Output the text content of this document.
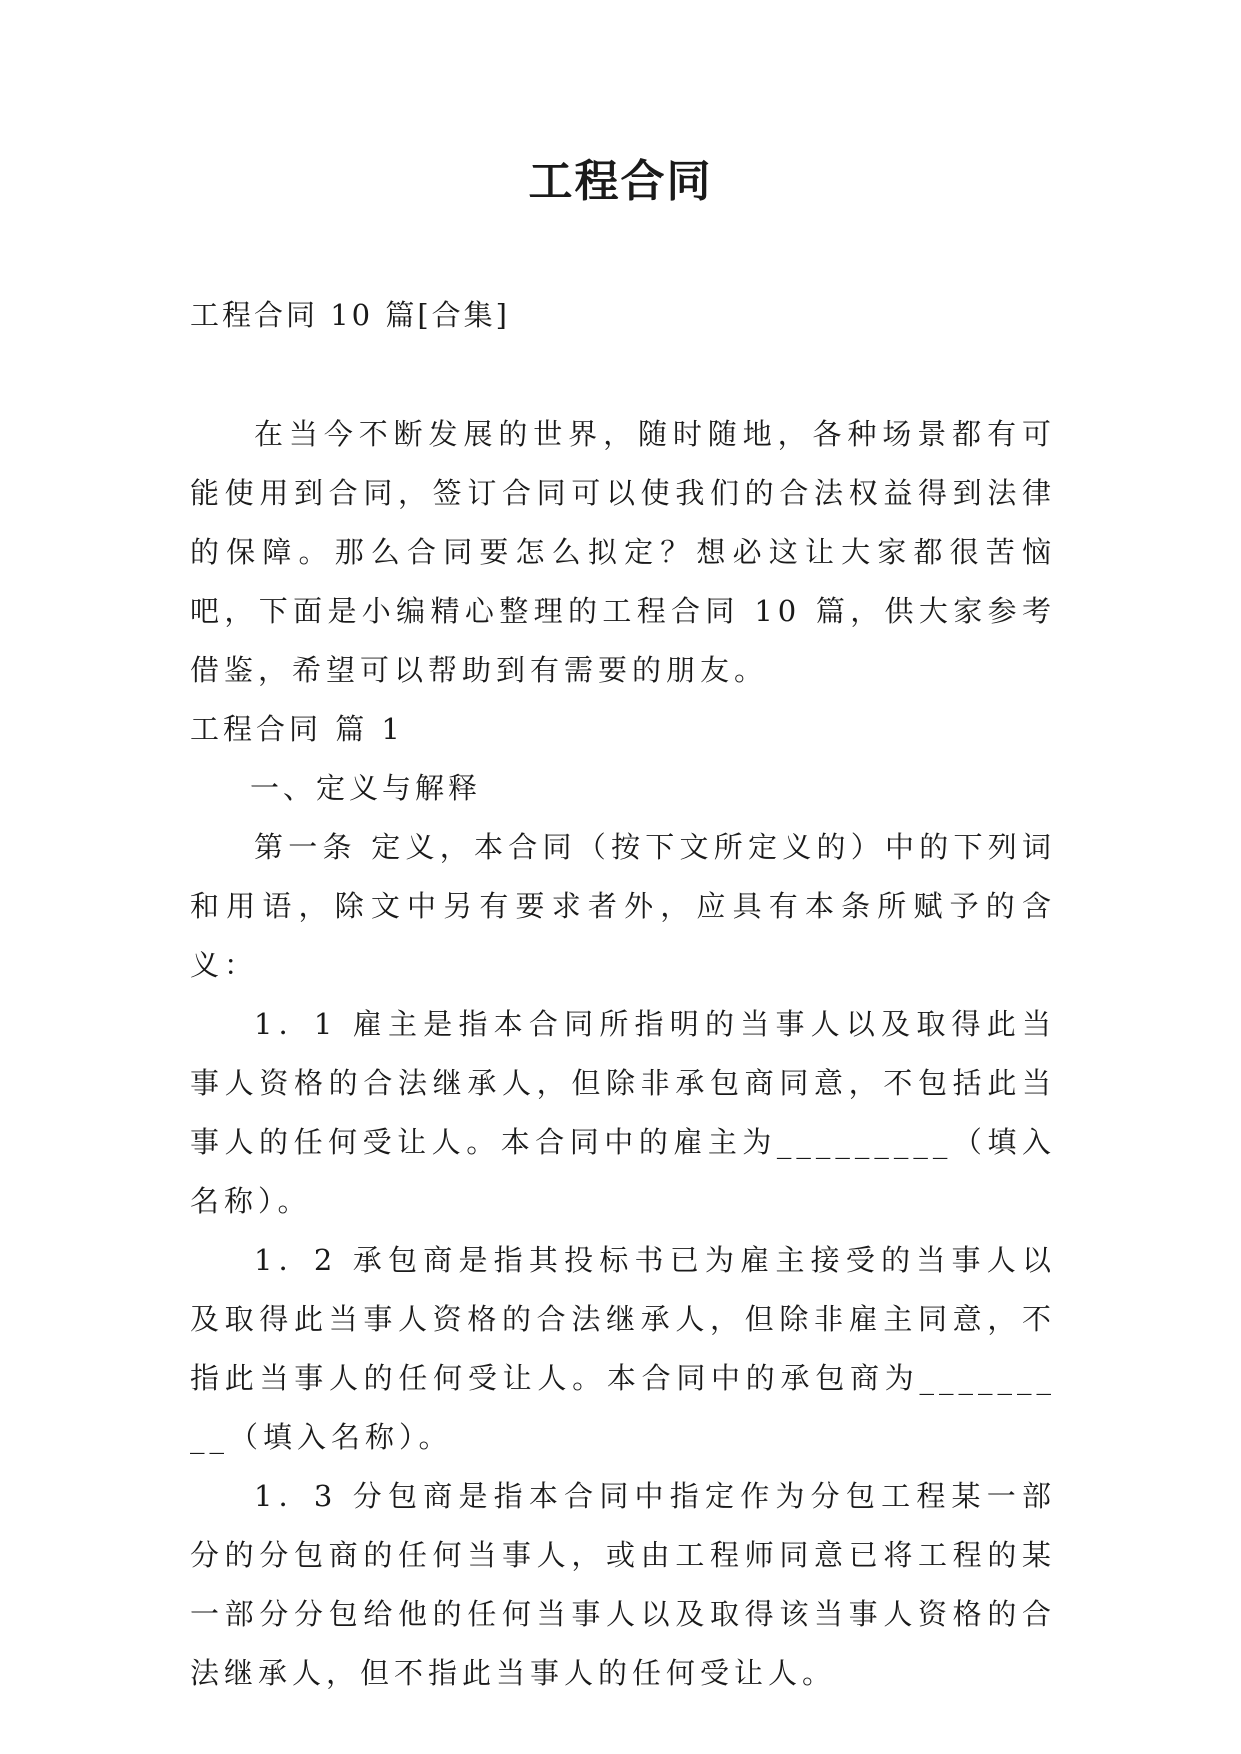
工程合同

工程合同 10 篇[合集]

在当今不断发展的世界，随时随地，各种场景都有可能使用到合同，签订合同可以使我们的合法权益得到法律的保障。那么合同要怎么拟定？想必这让大家都很苦恼吧，下面是小编精心整理的工程合同 10 篇，供大家参考借鉴，希望可以帮助到有需要的朋友。

工程合同 篇 1

一、定义与解释

第一条 定义，本合同（按下文所定义的）中的下列词和用语，除文中另有要求者外，应具有本条所赋予的含义：

1．1 雇主是指本合同所指明的当事人以及取得此当事人资格的合法继承人，但除非承包商同意，不包括此当事人的任何受让人。本合同中的雇主为_________（填入名称）。

1．2 承包商是指其投标书已为雇主接受的当事人以及取得此当事人资格的合法继承人，但除非雇主同意，不指此当事人的任何受让人。本合同中的承包商为_________（填入名称）。

1．3 分包商是指本合同中指定作为分包工程某一部分的分包商的任何当事人，或由工程师同意已将工程的某一部分分包给他的任何当事人以及取得该当事人资格的合法继承人，但不指此当事人的任何受让人。
